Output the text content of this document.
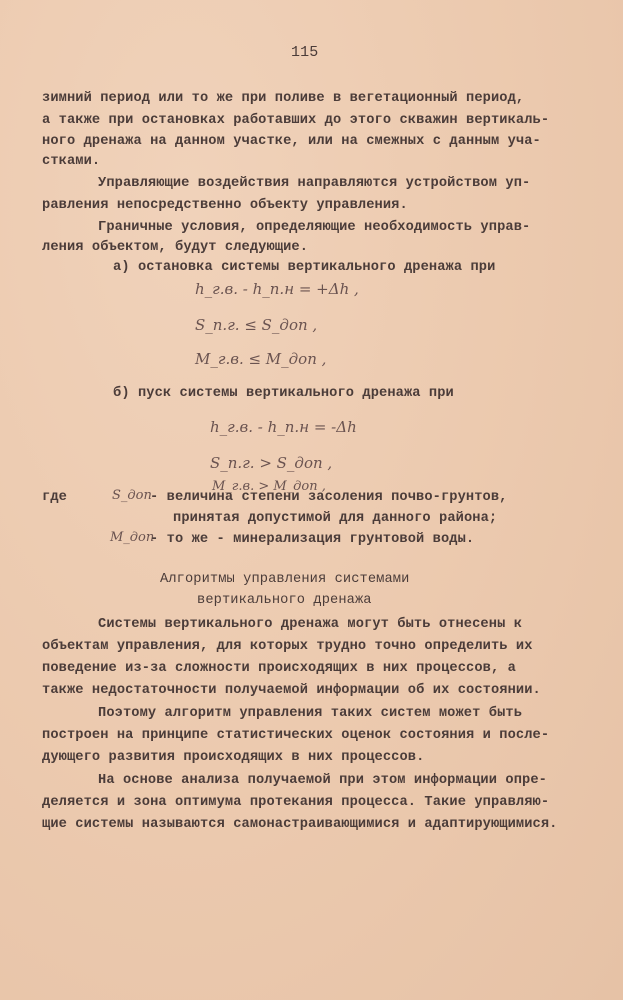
115
зимний период или то же при поливе в вегетационный период,
а также при остановках работавших до этого скважин вертикаль-
ного дренажа на данном участке, или на смежных с данным уча-
стками.
Управляющие воздействия направляются устройством уп-
равления непосредственно объекту управления.
Граничные условия, определяющие необходимость управ-
ления объектом, будут следующие.
а) остановка системы вертикального дренажа при
h_г.в. - h_п.н = +Δh ,
S_п.г. ≤ S_доп ,
M_г.в. ≤ M_доп ,
б) пуск системы вертикального дренажа при
h_г.в. - h_п.н = -Δh
S_п.г. > S_доп ,
M_г.в. > M_доп ,
где	S_доп
- величина степени засоления почво-грунтов,
принятая допустимой для данного района;
M_доп
- то же - минерализация грунтовой воды.
Алгоритмы управления системами
вертикального дренажа
Системы вертикального дренажа могут быть отнесены к
объектам управления, для которых трудно точно определить их
поведение из-за сложности происходящих в них процессов, а
также недостаточности получаемой информации об их состоянии.
Поэтому алгоритм управления таких систем может быть
построен на принципе статистических оценок состояния и после-
дующего развития происходящих в них процессов.
На основе анализа получаемой при этом информации опре-
деляется и зона оптимума протекания процесса. Такие управляю-
щие системы называются самонастраивающимися и адаптирующимися.
